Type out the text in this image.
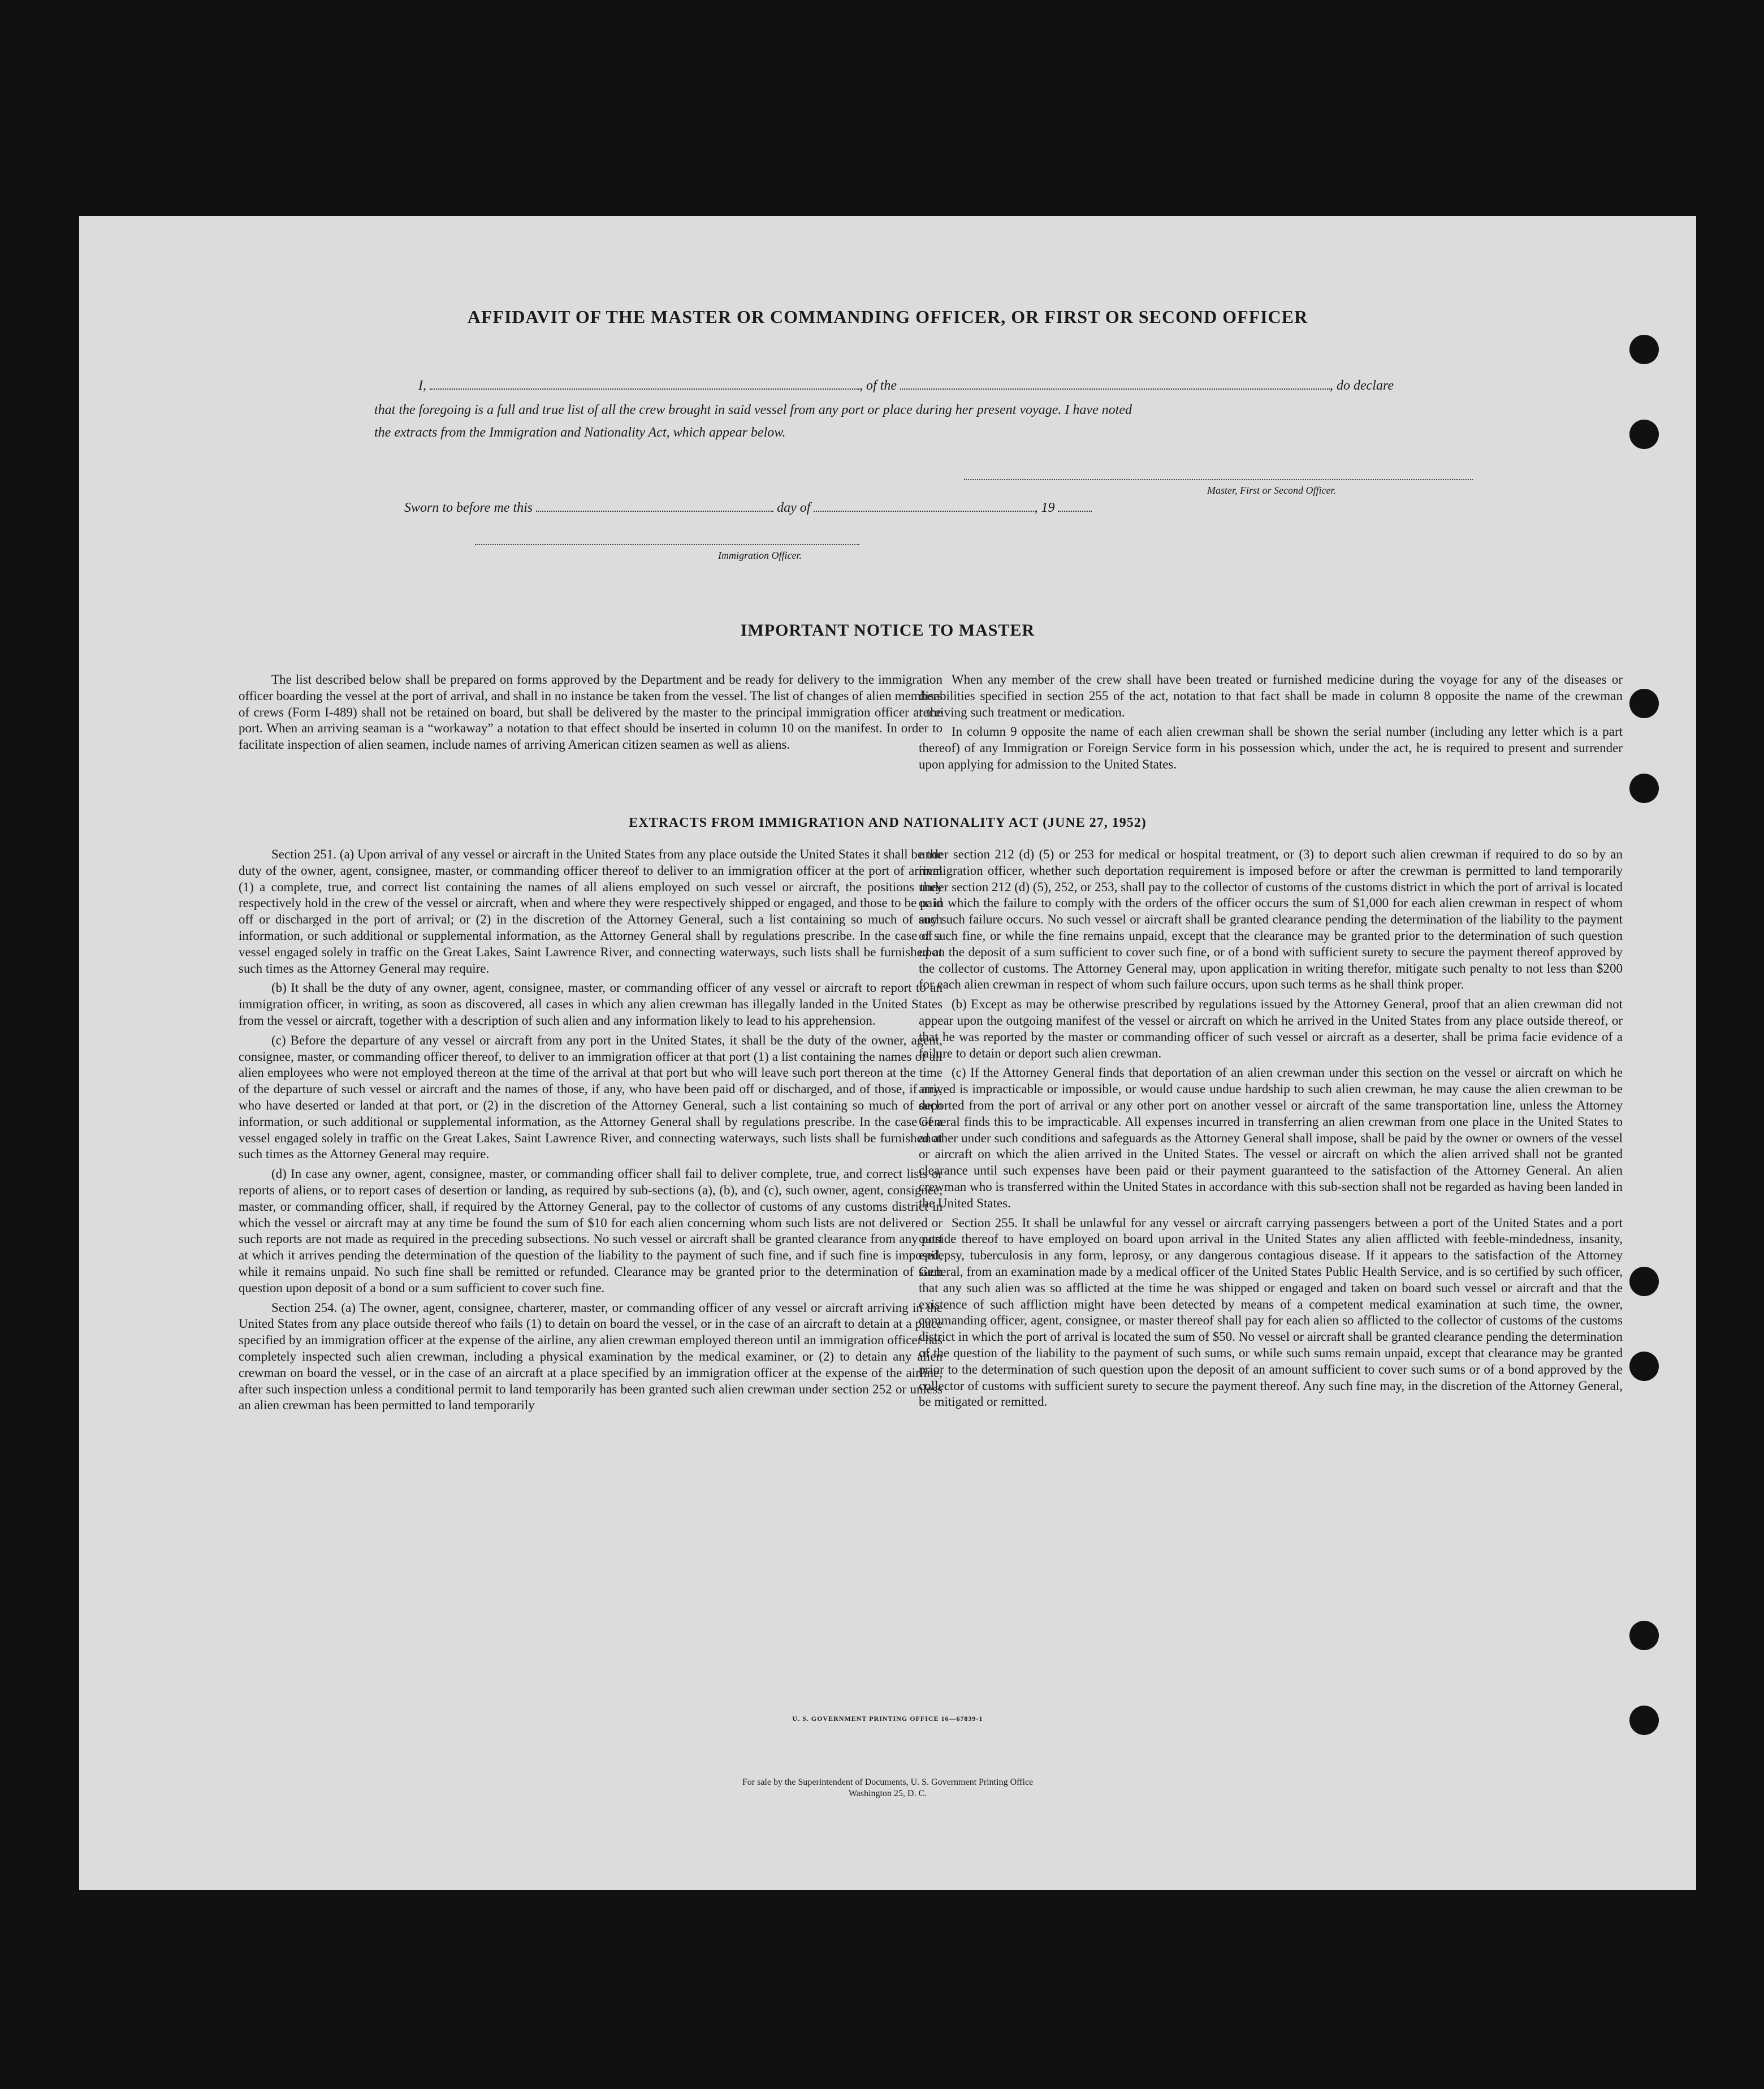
AFFIDAVIT OF THE MASTER OR COMMANDING OFFICER, OR FIRST OR SECOND OFFICER
I,	, of the	, do declare
that the foregoing is a full and true list of all the crew brought in said vessel from any port or place during her present voyage. I have noted
the extracts from the Immigration and Nationality Act, which appear below.
Master, First or Second Officer.
Sworn to before me this	day of	, 19
Immigration Officer.
IMPORTANT NOTICE TO MASTER

The list described below shall be prepared on forms approved by the Department and be ready for delivery to the immigration officer boarding the vessel at the port of arrival, and shall in no instance be taken from the vessel. The list of changes of alien members of crews (Form I-489) shall not be retained on board, but shall be delivered by the master to the principal immigration officer at the port. When an arriving seaman is a “workaway” a notation to that effect should be inserted in column 10 on the manifest. In order to facilitate inspection of alien seamen, include names of arriving American citizen seamen as well as aliens.

When any member of the crew shall have been treated or furnished medicine during the voyage for any of the diseases or disabilities specified in section 255 of the act, notation to that fact shall be made in column 8 opposite the name of the crewman receiving such treatment or medication.

In column 9 opposite the name of each alien crewman shall be shown the serial number (including any letter which is a part thereof) of any Immigration or Foreign Service form in his possession which, under the act, he is required to present and surrender upon applying for admission to the United States.

EXTRACTS FROM IMMIGRATION AND NATIONALITY ACT (JUNE 27, 1952)

Section 251. (a) Upon arrival of any vessel or aircraft in the United States from any place outside the United States it shall be the duty of the owner, agent, consignee, master, or commanding officer thereof to deliver to an immigration officer at the port of arrival (1) a complete, true, and correct list containing the names of all aliens employed on such vessel or aircraft, the positions they respectively hold in the crew of the vessel or aircraft, when and where they were respectively shipped or engaged, and those to be paid off or discharged in the port of arrival; or (2) in the discretion of the Attorney General, such a list containing so much of such information, or such additional or supplemental information, as the Attorney General shall by regulations prescribe. In the case of a vessel engaged solely in traffic on the Great Lakes, Saint Lawrence River, and connecting waterways, such lists shall be furnished at such times as the Attorney General may require.

(b) It shall be the duty of any owner, agent, consignee, master, or commanding officer of any vessel or aircraft to report to an immigration officer, in writing, as soon as discovered, all cases in which any alien crewman has illegally landed in the United States from the vessel or aircraft, together with a description of such alien and any information likely to lead to his apprehension.

(c) Before the departure of any vessel or aircraft from any port in the United States, it shall be the duty of the owner, agent, consignee, master, or commanding officer thereof, to deliver to an immigration officer at that port (1) a list containing the names of all alien employees who were not employed thereon at the time of the arrival at that port but who will leave such port thereon at the time of the departure of such vessel or aircraft and the names of those, if any, who have been paid off or discharged, and of those, if any, who have deserted or landed at that port, or (2) in the discretion of the Attorney General, such a list containing so much of such information, or such additional or supplemental information, as the Attorney General shall by regulations prescribe. In the case of a vessel engaged solely in traffic on the Great Lakes, Saint Lawrence River, and connecting waterways, such lists shall be furnished at such times as the Attorney General may require.

(d) In case any owner, agent, consignee, master, or commanding officer shall fail to deliver complete, true, and correct lists or reports of aliens, or to report cases of desertion or landing, as required by sub-sections (a), (b), and (c), such owner, agent, consignee, master, or commanding officer, shall, if required by the Attorney General, pay to the collector of customs of any customs district in which the vessel or aircraft may at any time be found the sum of $10 for each alien concerning whom such lists are not delivered or such reports are not made as required in the preceding subsections. No such vessel or aircraft shall be granted clearance from any port at which it arrives pending the determination of the question of the liability to the payment of such fine, and if such fine is imposed, while it remains unpaid. No such fine shall be remitted or refunded. Clearance may be granted prior to the determination of such question upon deposit of a bond or a sum sufficient to cover such fine.

Section 254. (a) The owner, agent, consignee, charterer, master, or commanding officer of any vessel or aircraft arriving in the United States from any place outside thereof who fails (1) to detain on board the vessel, or in the case of an aircraft to detain at a place specified by an immigration officer at the expense of the airline, any alien crewman employed thereon until an immigration officer has completely inspected such alien crewman, including a physical examination by the medical examiner, or (2) to detain any alien crewman on board the vessel, or in the case of an aircraft at a place specified by an immigration officer at the expense of the airline, after such inspection unless a conditional permit to land temporarily has been granted such alien crewman under section 252 or unless an alien crewman has been permitted to land temporarily

under section 212 (d) (5) or 253 for medical or hospital treatment, or (3) to deport such alien crewman if required to do so by an immigration officer, whether such deportation requirement is imposed before or after the crewman is permitted to land temporarily under section 212 (d) (5), 252, or 253, shall pay to the collector of customs of the customs district in which the port of arrival is located or in which the failure to comply with the orders of the officer occurs the sum of $1,000 for each alien crewman in respect of whom any such failure occurs. No such vessel or aircraft shall be granted clearance pending the determination of the liability to the payment of such fine, or while the fine remains unpaid, except that the clearance may be granted prior to the determination of such question upon the deposit of a sum sufficient to cover such fine, or of a bond with sufficient surety to secure the payment thereof approved by the collector of customs. The Attorney General may, upon application in writing therefor, mitigate such penalty to not less than $200 for each alien crewman in respect of whom such failure occurs, upon such terms as he shall think proper.

(b) Except as may be otherwise prescribed by regulations issued by the Attorney General, proof that an alien crewman did not appear upon the outgoing manifest of the vessel or aircraft on which he arrived in the United States from any place outside thereof, or that he was reported by the master or commanding officer of such vessel or aircraft as a deserter, shall be prima facie evidence of a failure to detain or deport such alien crewman.

(c) If the Attorney General finds that deportation of an alien crewman under this section on the vessel or aircraft on which he arrived is impracticable or impossible, or would cause undue hardship to such alien crewman, he may cause the alien crewman to be deported from the port of arrival or any other port on another vessel or aircraft of the same transportation line, unless the Attorney General finds this to be impracticable. All expenses incurred in transferring an alien crewman from one place in the United States to another under such conditions and safeguards as the Attorney General shall impose, shall be paid by the owner or owners of the vessel or aircraft on which the alien arrived in the United States. The vessel or aircraft on which the alien arrived shall not be granted clearance until such expenses have been paid or their payment guaranteed to the satisfaction of the Attorney General. An alien crewman who is transferred within the United States in accordance with this sub-section shall not be regarded as having been landed in the United States.

Section 255. It shall be unlawful for any vessel or aircraft carrying passengers between a port of the United States and a port outside thereof to have employed on board upon arrival in the United States any alien afflicted with feeble-mindedness, insanity, epilepsy, tuberculosis in any form, leprosy, or any dangerous contagious disease. If it appears to the satisfaction of the Attorney General, from an examination made by a medical officer of the United States Public Health Service, and is so certified by such officer, that any such alien was so afflicted at the time he was shipped or engaged and taken on board such vessel or aircraft and that the existence of such affliction might have been detected by means of a competent medical examination at such time, the owner, commanding officer, agent, consignee, or master thereof shall pay for each alien so afflicted to the collector of customs of the customs district in which the port of arrival is located the sum of $50. No vessel or aircraft shall be granted clearance pending the determination of the question of the liability to the payment of such sums, or while such sums remain unpaid, except that clearance may be granted prior to the determination of such question upon the deposit of an amount sufficient to cover such sums or of a bond approved by the collector of customs with sufficient surety to secure the payment thereof. Any such fine may, in the discretion of the Attorney General, be mitigated or remitted.

U. S. GOVERNMENT PRINTING OFFICE 16—67839-1
For sale by the Superintendent of Documents, U. S. Government Printing Office
Washington 25, D. C.
